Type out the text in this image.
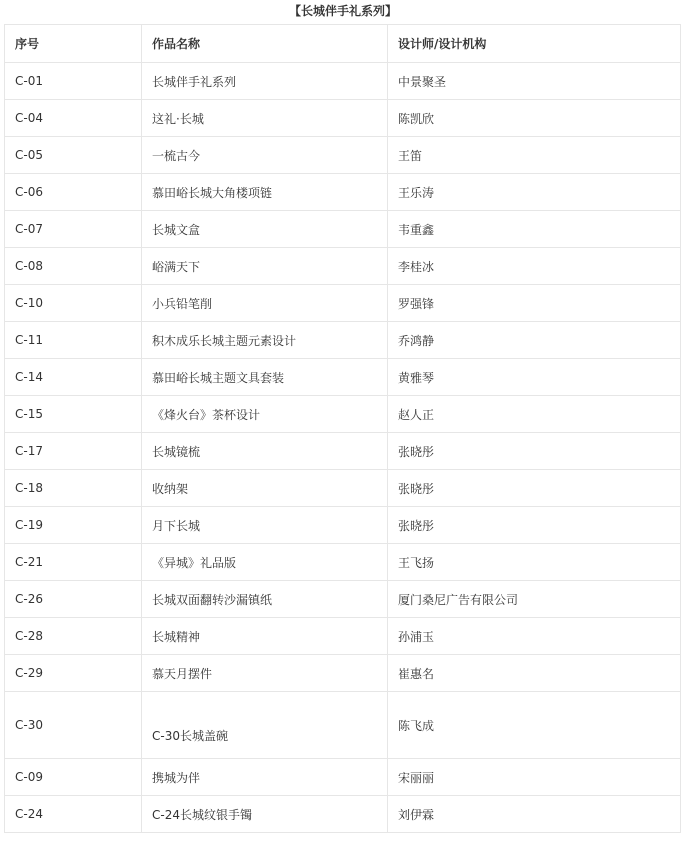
【长城伴手礼系列】
序号	作品名称	设计师/设计机构
C-01	长城伴手礼系列	中景聚圣
C-04	这礼·长城	陈凯欣
C-05	一梳古今	王笛
C-06	慕田峪长城大角楼项链	王乐涛
C-07	长城文盒	韦重鑫
C-08	峪满天下	李桂冰
C-10	小兵铅笔削	罗强锋
C-11	积木成乐长城主题元素设计	乔鸿静
C-14	慕田峪长城主题文具套装	黄雅琴
C-15	《烽火台》茶杯设计	赵人正
C-17	长城镜梳	张晓彤
C-18	收纳架	张晓彤
C-19	月下长城	张晓彤
C-21	《异城》礼品版	王飞扬
C-26	长城双面翻转沙漏镇纸	厦门桑尼广告有限公司
C-28	长城精神	孙浦玉
C-29	慕天月摆件	崔惠名
C-30	C-30长城盖碗	陈飞成
C-09	携城为伴	宋丽丽
C-24	C-24长城纹银手镯	刘伊霖
